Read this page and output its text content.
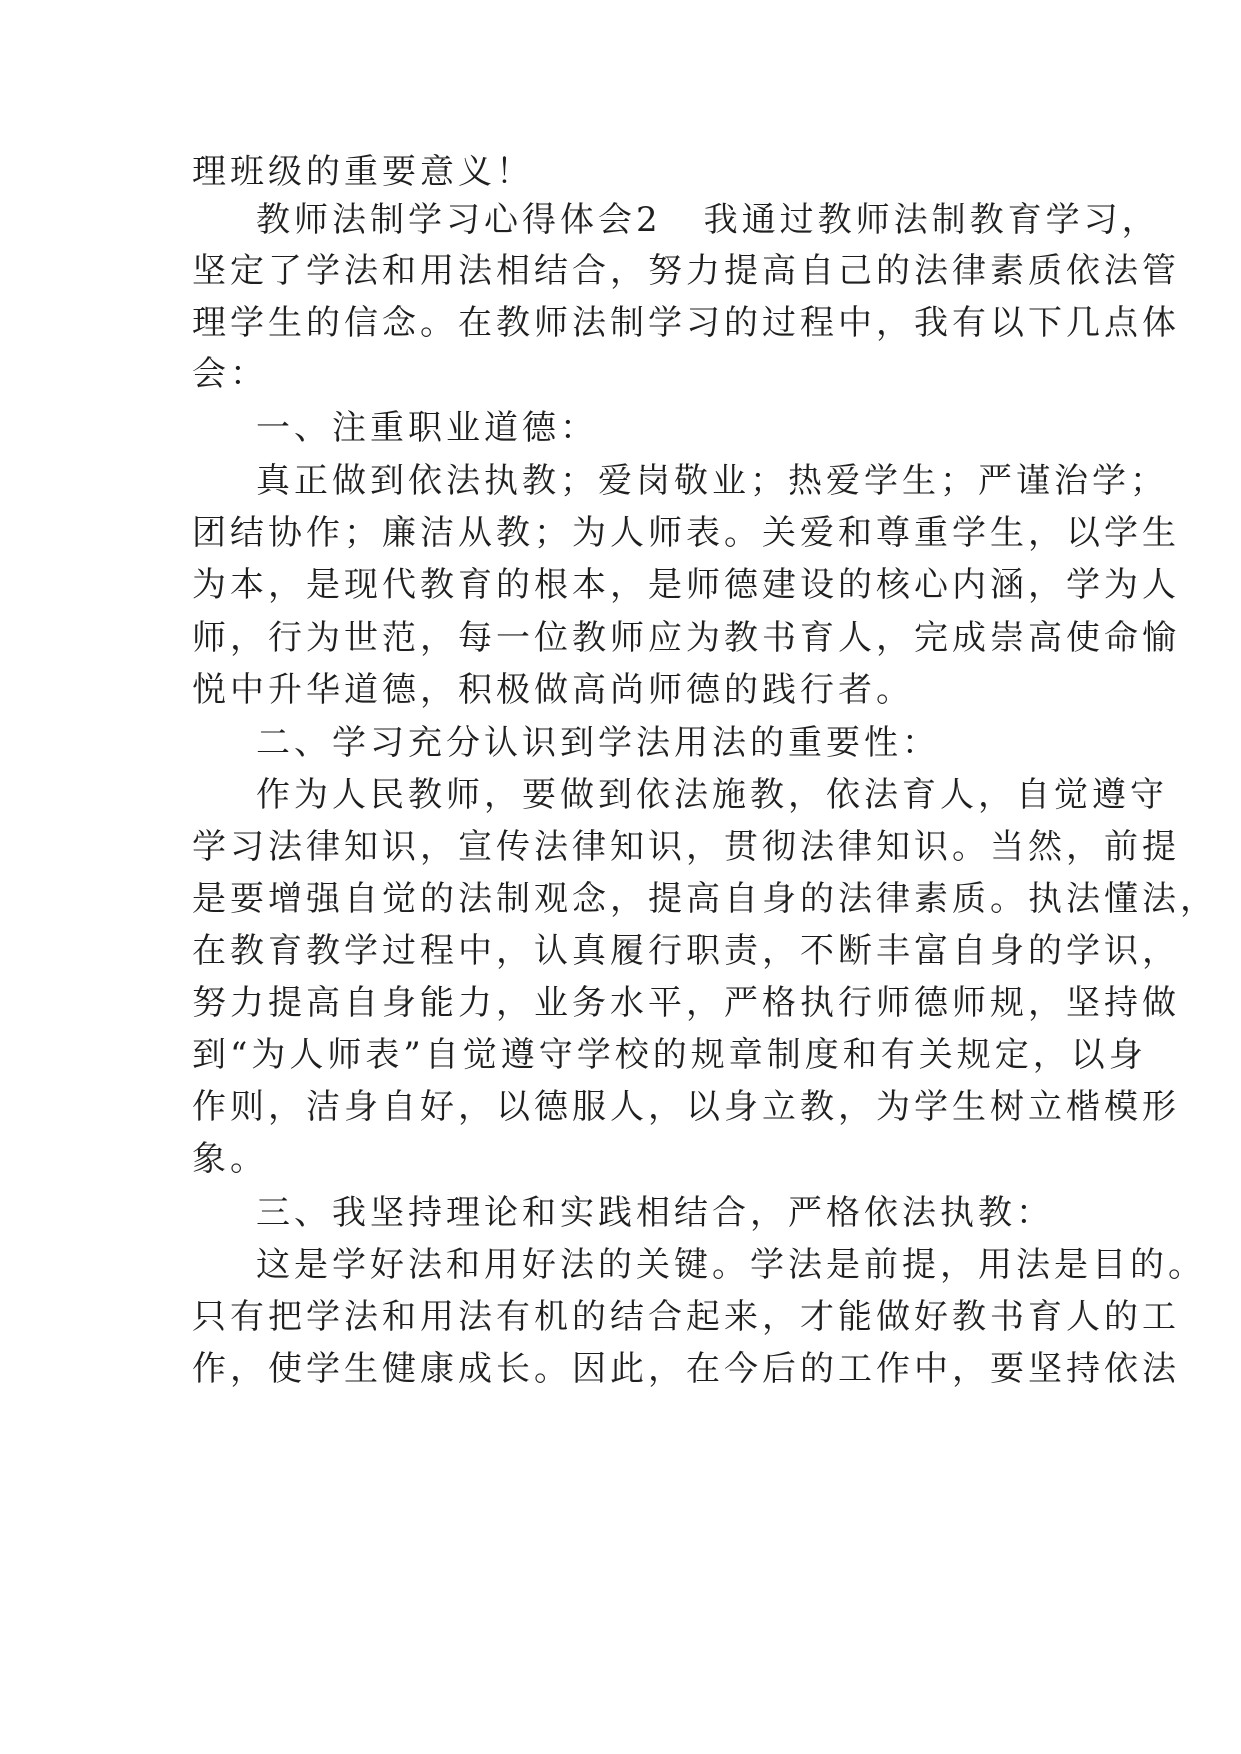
理班级的重要意义！

教师法制学习心得体会2 我通过教师法制教育学习，

坚定了学法和用法相结合，努力提高自己的法律素质依法管

理学生的信念。在教师法制学习的过程中，我有以下几点体

会：

一、注重职业道德：

真正做到依法执教；爱岗敬业；热爱学生；严谨治学；

团结协作；廉洁从教；为人师表。关爱和尊重学生，以学生

为本，是现代教育的根本，是师德建设的核心内涵，学为人

师，行为世范，每一位教师应为教书育人，完成崇高使命愉

悦中升华道德，积极做高尚师德的践行者。

二、学习充分认识到学法用法的重要性：

作为人民教师，要做到依法施教，依法育人，自觉遵守

学习法律知识，宣传法律知识，贯彻法律知识。当然，前提

是要增强自觉的法制观念，提高自身的法律素质。执法懂法，

在教育教学过程中，认真履行职责，不断丰富自身的学识，

努力提高自身能力，业务水平，严格执行师德师规，坚持做

到“为人师表”自觉遵守学校的规章制度和有关规定，以身

作则，洁身自好，以德服人，以身立教，为学生树立楷模形

象。

三、我坚持理论和实践相结合，严格依法执教：

这是学好法和用好法的关键。学法是前提，用法是目的。

只有把学法和用法有机的结合起来，才能做好教书育人的工

作，使学生健康成长。因此，在今后的工作中，要坚持依法
